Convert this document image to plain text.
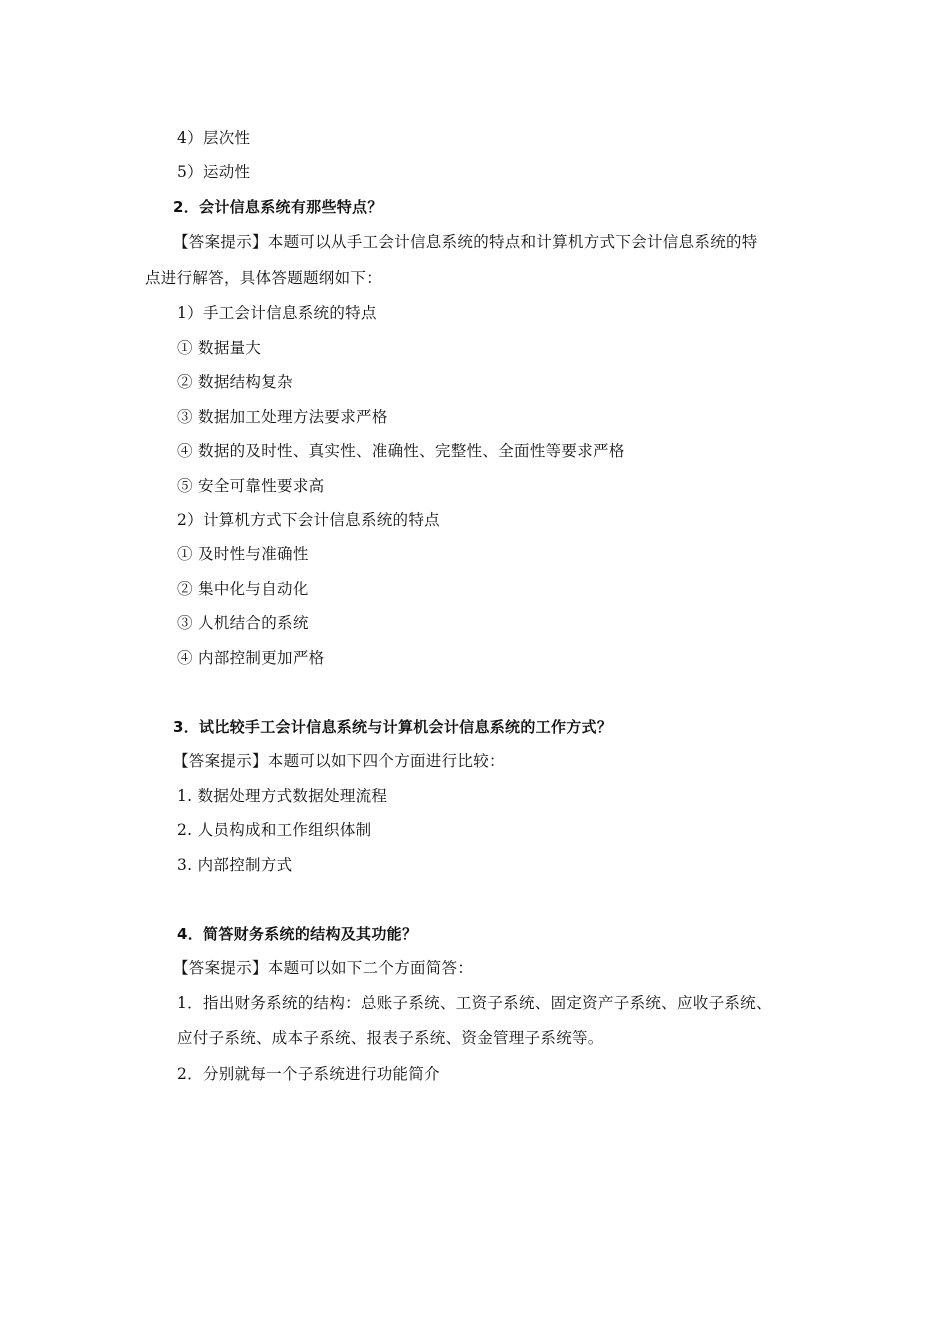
4）层次性
5）运动性
2．会计信息系统有那些特点？
【答案提示】本题可以从手工会计信息系统的特点和计算机方式下会计信息系统的特
点进行解答，具体答题题纲如下：
1）手工会计信息系统的特点
① 数据量大
② 数据结构复杂
③ 数据加工处理方法要求严格
④ 数据的及时性、真实性、准确性、完整性、全面性等要求严格
⑤ 安全可靠性要求高
2）计算机方式下会计信息系统的特点
① 及时性与准确性
② 集中化与自动化
③ 人机结合的系统
④ 内部控制更加严格
3．试比较手工会计信息系统与计算机会计信息系统的工作方式？
【答案提示】本题可以如下四个方面进行比较：
1. 数据处理方式数据处理流程
2. 人员构成和工作组织体制
3. 内部控制方式
4．简答财务系统的结构及其功能？
【答案提示】本题可以如下二个方面简答：
1．指出财务系统的结构：总账子系统、工资子系统、固定资产子系统、应收子系统、
应付子系统、成本子系统、报表子系统、资金管理子系统等。
2．分别就每一个子系统进行功能简介
